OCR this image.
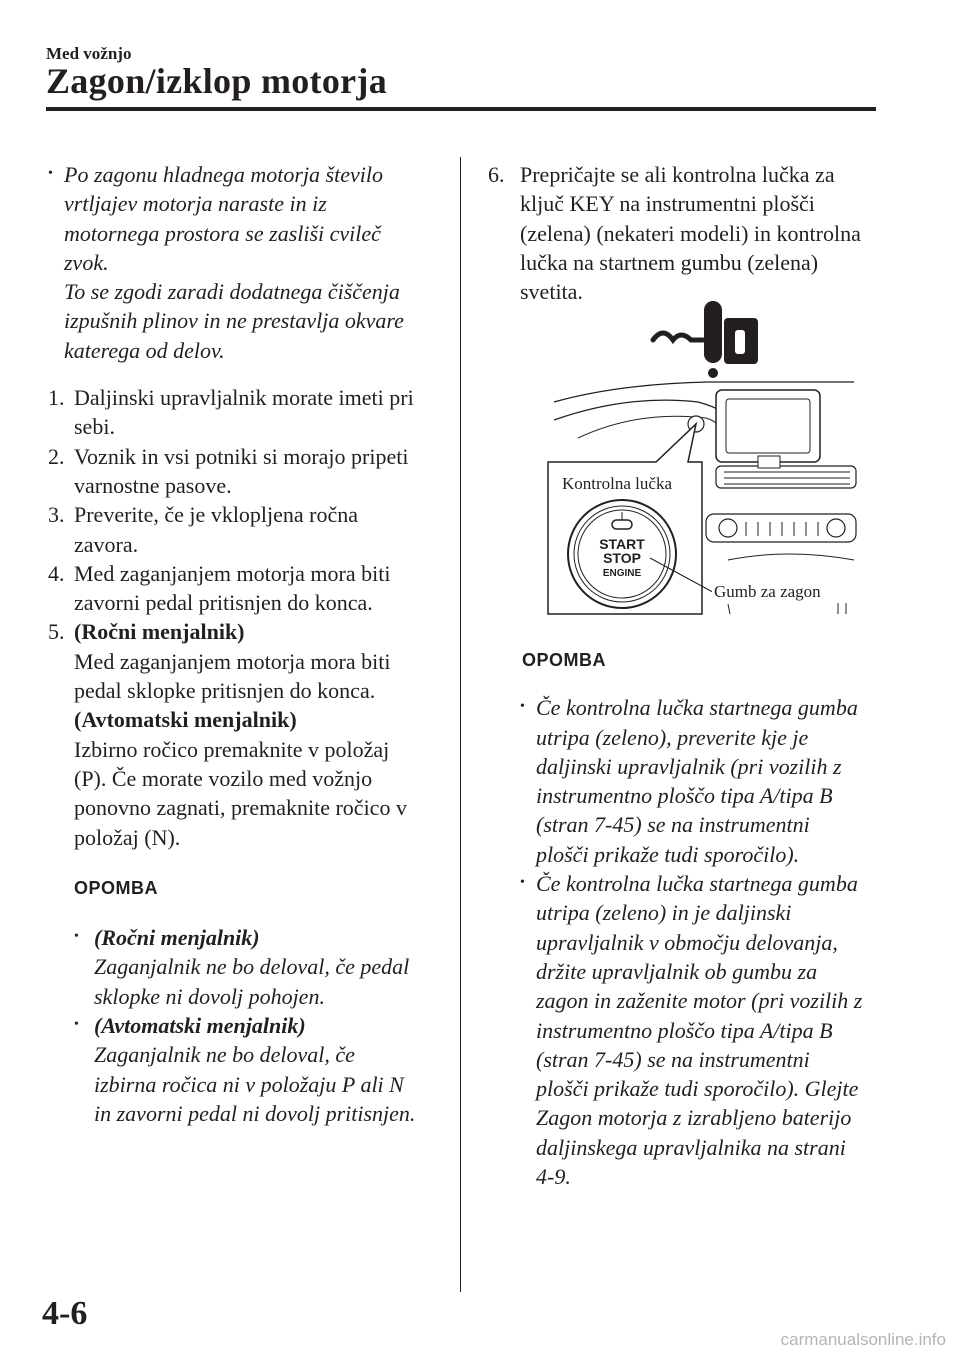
Med vožnjo
Zagon/izklop motorja

• Po zagonu hladnega motorja število

vrtljajev motorja naraste in iz

motornega prostora se zasliši cvileč

zvok.

To se zgodi zaradi dodatnega čiščenja

izpušnih plinov in ne prestavlja okvare

katerega od delov.

1. Daljinski upravljalnik morate imeti pri

sebi.

2. Voznik in vsi potniki si morajo pripeti

varnostne pasove.

3. Preverite, če je vklopljena ročna

zavora.

4. Med zaganjanjem motorja mora biti

zavorni pedal pritisnjen do konca.

5. (Ročni menjalnik)

Med zaganjanjem motorja mora biti

pedal sklopke pritisnjen do konca.

(Avtomatski menjalnik)

Izbirno ročico premaknite v položaj

(P). Če morate vozilo med vožnjo

ponovno zagnati, premaknite ročico v

položaj (N).

OPOMBA

• (Ročni menjalnik)

Zaganjalnik ne bo deloval, če pedal

sklopke ni dovolj pohojen.

• (Avtomatski menjalnik)

Zaganjalnik ne bo deloval, če

izbirna ročica ni v položaju P ali N

in zavorni pedal ni dovolj pritisnjen.

6. Prepričajte se ali kontrolna lučka za

ključ KEY na instrumentni plošči

(zelena) (nekateri modeli) in kontrolna

lučka na startnem gumbu (zelena)

svetita.

START
STOP
ENGINE
Kontrolna lučka
Gumb za zagon

OPOMBA

• Če kontrolna lučka startnega gumba

utripa (zeleno), preverite kje je

daljinski upravljalnik (pri vozilih z

instrumentno ploščo tipa A/tipa B

(stran 7-45) se na instrumentni

plošči prikaže tudi sporočilo).

• Če kontrolna lučka startnega gumba

utripa (zeleno) in je daljinski

upravljalnik v območju delovanja,

držite upravljalnik ob gumbu za

zagon in zaženite motor (pri vozilih z

instrumentno ploščo tipa A/tipa B

(stran 7-45) se na instrumentni

plošči prikaže tudi sporočilo). Glejte

Zagon motorja z izrabljeno baterijo

daljinskega upravljalnika na strani

4-9.

4-6
carmanualsonline.info
